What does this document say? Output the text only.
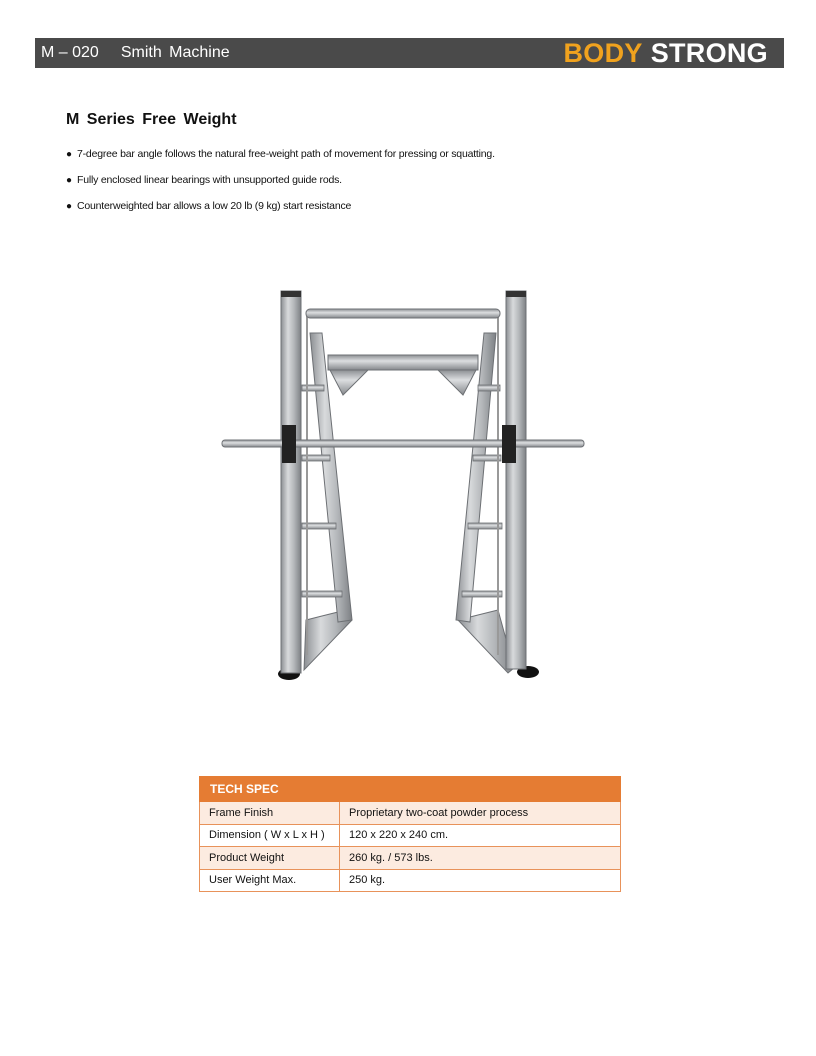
M – 020 Smith Machine	BODY STRONG
M Series Free Weight
● 7-degree bar angle follows the natural free-weight path of movement for pressing or squatting.
● Fully enclosed linear bearings with unsupported guide rods.
● Counterweighted bar allows a low 20 lb (9 kg) start resistance
TECH SPEC	
Frame Finish	Proprietary two-coat powder process
Dimension ( W x L x H )	120 x 220 x 240 cm.
Product Weight	260 kg. / 573 lbs.
User Weight Max.	250 kg.
